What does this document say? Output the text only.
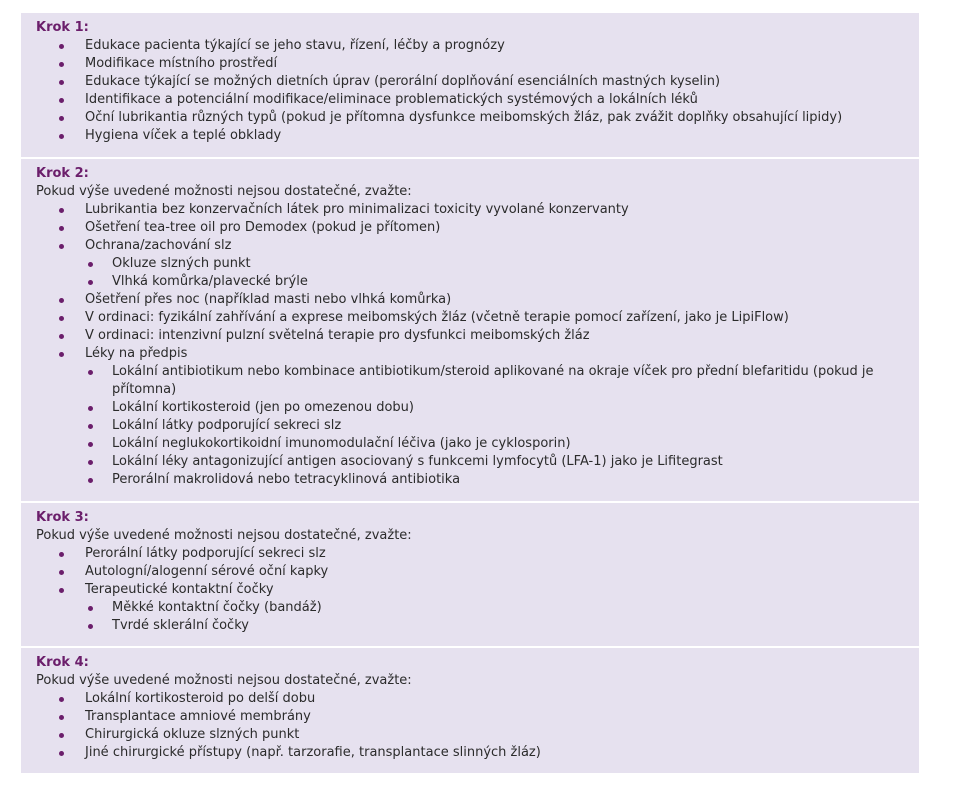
Krok 1:
Edukace pacienta týkající se jeho stavu, řízení, léčby a prognózy
Modifikace místního prostředí
Edukace týkající se možných dietních úprav (perorální doplňování esenciálních mastných kyselin)
Identifikace a potenciální modifikace/eliminace problematických systémových a lokálních léků
Oční lubrikantia různých typů (pokud je přítomna dysfunkce meibomských žláz, pak zvážit doplňky obsahující lipidy)
Hygiena víček a teplé obklady
Krok 2:
Pokud výše uvedené možnosti nejsou dostatečné, zvažte:
Lubrikantia bez konzervačních látek pro minimalizaci toxicity vyvolané konzervanty
Ošetření tea-tree oil pro Demodex (pokud je přítomen)
Ochrana/zachování slz
Okluze slzných punkt
Vlhká komůrka/plavecké brýle
Ošetření přes noc (například masti nebo vlhká komůrka)
V ordinaci: fyzikální zahřívání a exprese meibomských žláz (včetně terapie pomocí zařízení, jako je LipiFlow)
V ordinaci: intenzivní pulzní světelná terapie pro dysfunkci meibomských žláz
Léky na předpis
Lokální antibiotikum nebo kombinace antibiotikum/steroid aplikované na okraje víček pro přední blefaritidu (pokud je přítomna)
Lokální kortikosteroid (jen po omezenou dobu)
Lokální látky podporující sekreci slz
Lokální neglukokortikoidní imunomodulační léčiva (jako je cyklosporin)
Lokální léky antagonizující antigen asociovaný s funkcemi lymfocytů (LFA-1) jako je Lifitegrast
Perorální makrolidová nebo tetracyklinová antibiotika
Krok 3:
Pokud výše uvedené možnosti nejsou dostatečné, zvažte:
Perorální látky podporující sekreci slz
Autologní/alogenní sérové oční kapky
Terapeutické kontaktní čočky
Měkké kontaktní čočky (bandáž)
Tvrdé sklerální čočky
Krok 4:
Pokud výše uvedené možnosti nejsou dostatečné, zvažte:
Lokální kortikosteroid po delší dobu
Transplantace amniové membrány
Chirurgická okluze slzných punkt
Jiné chirurgické přístupy (např. tarzorafie, transplantace slinných žláz)
